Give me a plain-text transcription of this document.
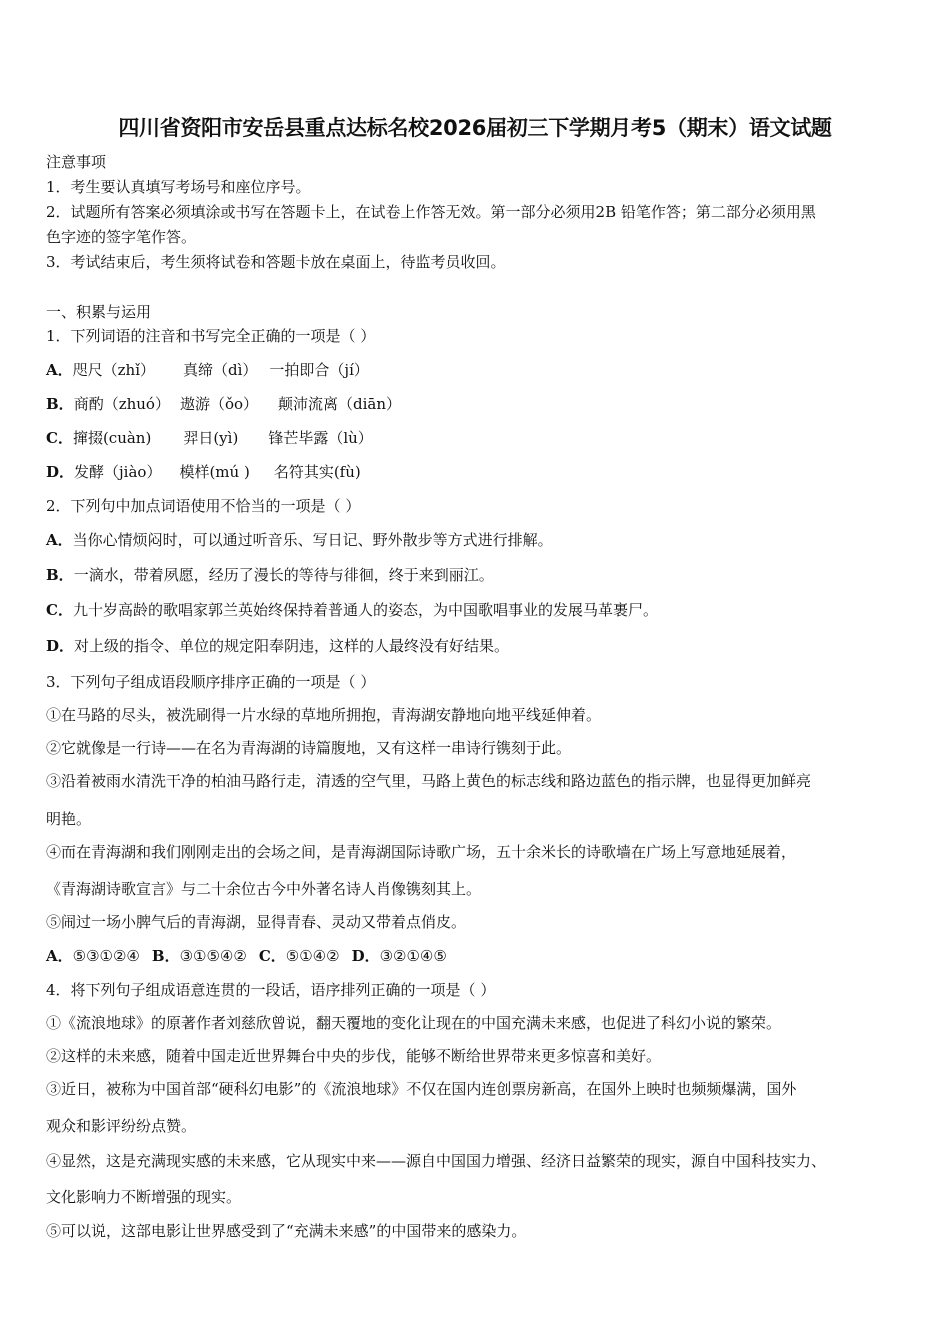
四川省资阳市安岳县重点达标名校2026届初三下学期月考5（期末）语文试题
注意事项
1．考生要认真填写考场号和座位序号。
2．试题所有答案必须填涂或书写在答题卡上，在试卷上作答无效。第一部分必须用2B 铅笔作答；第二部分必须用黑
色字迹的签字笔作答。
3．考试结束后，考生须将试卷和答题卡放在桌面上，待监考员收回。
一、积累与运用
1．下列词语的注音和书写完全正确的一项是（ ）
A．咫尺（zhǐ） 真缔（dì） 一拍即合（jí）
B．商酌（zhuó） 遨游（ǒo） 颠沛流离（diān）
C．撺掇(cuàn) 羿日(yì) 锋芒毕露（lù）
D．发酵（jiào） 模样(mú ) 名符其实(fù)
2．下列句中加点词语使用不恰当的一项是（ ）
A．当你心情烦闷时，可以通过听音乐、写日记、野外散步等方式进行排解。
B．一滴水，带着夙愿，经历了漫长的等待与徘徊，终于来到丽江。
C．九十岁高龄的歌唱家郭兰英始终保持着普通人的姿态，为中国歌唱事业的发展马革裹尸。
D．对上级的指令、单位的规定阳奉阴违，这样的人最终没有好结果。
3．下列句子组成语段顺序排序正确的一项是（ ）
①在马路的尽头，被洗刷得一片水绿的草地所拥抱，青海湖安静地向地平线延伸着。
②它就像是一行诗——在名为青海湖的诗篇腹地，又有这样一串诗行镌刻于此。
③沿着被雨水清洗干净的柏油马路行走，清透的空气里，马路上黄色的标志线和路边蓝色的指示牌，也显得更加鲜亮
明艳。
④而在青海湖和我们刚刚走出的会场之间，是青海湖国际诗歌广场，五十余米长的诗歌墙在广场上写意地延展着，
《青海湖诗歌宣言》与二十余位古今中外著名诗人肖像镌刻其上。
⑤闹过一场小脾气后的青海湖，显得青春、灵动又带着点俏皮。
A．⑤③①②④ B．③①⑤④② C．⑤①④② D．③②①④⑤
4．将下列句子组成语意连贯的一段话，语序排列正确的一项是（ ）
①《流浪地球》的原著作者刘慈欣曾说，翻天覆地的变化让现在的中国充满未来感，也促进了科幻小说的繁荣。
②这样的未来感，随着中国走近世界舞台中央的步伐，能够不断给世界带来更多惊喜和美好。
③近日，被称为中国首部“硬科幻电影”的《流浪地球》不仅在国内连创票房新高，在国外上映时也频频爆满，国外
观众和影评纷纷点赞。
④显然，这是充满现实感的未来感，它从现实中来——源自中国国力增强、经济日益繁荣的现实，源自中国科技实力、
文化影响力不断增强的现实。
⑤可以说，这部电影让世界感受到了“充满未来感”的中国带来的感染力。
